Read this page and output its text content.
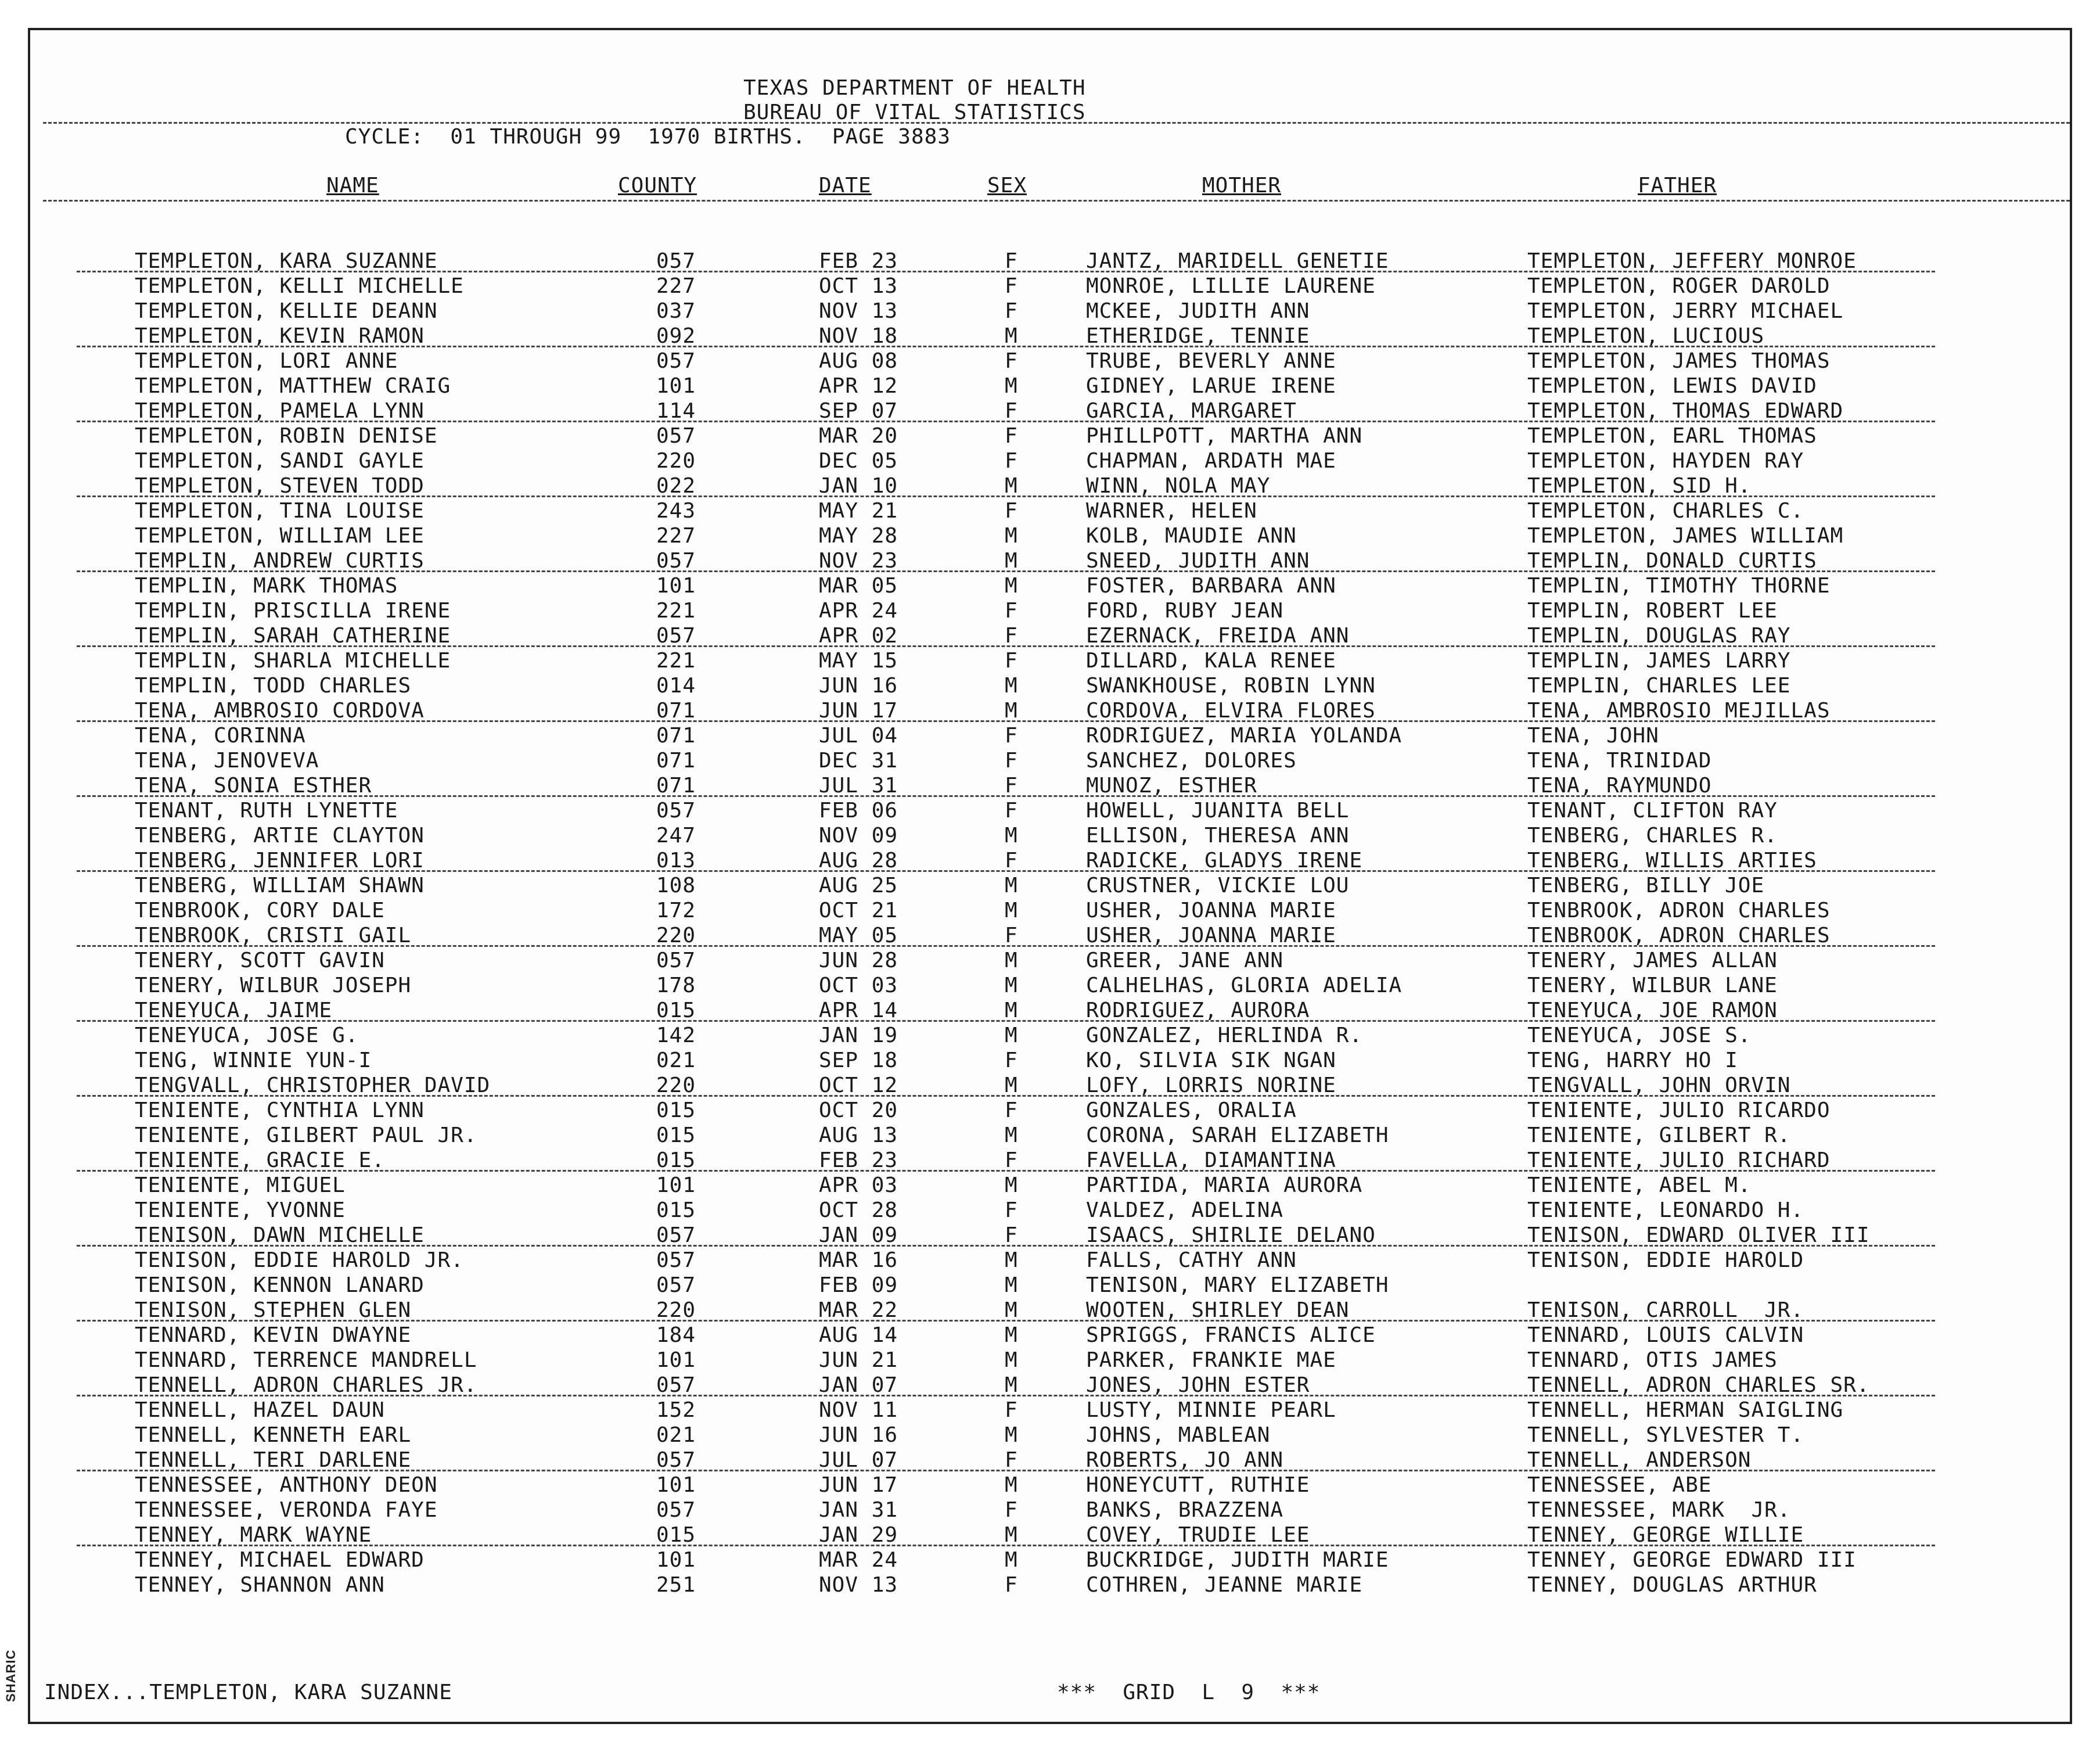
SHARIC
TEXAS DEPARTMENT OF HEALTH
BUREAU OF VITAL STATISTICS
CYCLE:  01 THROUGH 99  1970 BIRTHS.  PAGE 3883
NAME	COUNTY	DATE	SEX	MOTHER	FATHER
TEMPLETON, KARA SUZANNE	057	FEB 23	F	JANTZ, MARIDELL GENETIE	TEMPLETON, JEFFERY MONROE
TEMPLETON, KELLI MICHELLE	227	OCT 13	F	MONROE, LILLIE LAURENE	TEMPLETON, ROGER DAROLD
TEMPLETON, KELLIE DEANN	037	NOV 13	F	MCKEE, JUDITH ANN	TEMPLETON, JERRY MICHAEL
TEMPLETON, KEVIN RAMON	092	NOV 18	M	ETHERIDGE, TENNIE	TEMPLETON, LUCIOUS
TEMPLETON, LORI ANNE	057	AUG 08	F	TRUBE, BEVERLY ANNE	TEMPLETON, JAMES THOMAS
TEMPLETON, MATTHEW CRAIG	101	APR 12	M	GIDNEY, LARUE IRENE	TEMPLETON, LEWIS DAVID
TEMPLETON, PAMELA LYNN	114	SEP 07	F	GARCIA, MARGARET	TEMPLETON, THOMAS EDWARD
TEMPLETON, ROBIN DENISE	057	MAR 20	F	PHILLPOTT, MARTHA ANN	TEMPLETON, EARL THOMAS
TEMPLETON, SANDI GAYLE	220	DEC 05	F	CHAPMAN, ARDATH MAE	TEMPLETON, HAYDEN RAY
TEMPLETON, STEVEN TODD	022	JAN 10	M	WINN, NOLA MAY	TEMPLETON, SID H.
TEMPLETON, TINA LOUISE	243	MAY 21	F	WARNER, HELEN	TEMPLETON, CHARLES C.
TEMPLETON, WILLIAM LEE	227	MAY 28	M	KOLB, MAUDIE ANN	TEMPLETON, JAMES WILLIAM
TEMPLIN, ANDREW CURTIS	057	NOV 23	M	SNEED, JUDITH ANN	TEMPLIN, DONALD CURTIS
TEMPLIN, MARK THOMAS	101	MAR 05	M	FOSTER, BARBARA ANN	TEMPLIN, TIMOTHY THORNE
TEMPLIN, PRISCILLA IRENE	221	APR 24	F	FORD, RUBY JEAN	TEMPLIN, ROBERT LEE
TEMPLIN, SARAH CATHERINE	057	APR 02	F	EZERNACK, FREIDA ANN	TEMPLIN, DOUGLAS RAY
TEMPLIN, SHARLA MICHELLE	221	MAY 15	F	DILLARD, KALA RENEE	TEMPLIN, JAMES LARRY
TEMPLIN, TODD CHARLES	014	JUN 16	M	SWANKHOUSE, ROBIN LYNN	TEMPLIN, CHARLES LEE
TENA, AMBROSIO CORDOVA	071	JUN 17	M	CORDOVA, ELVIRA FLORES	TENA, AMBROSIO MEJILLAS
TENA, CORINNA	071	JUL 04	F	RODRIGUEZ, MARIA YOLANDA	TENA, JOHN
TENA, JENOVEVA	071	DEC 31	F	SANCHEZ, DOLORES	TENA, TRINIDAD
TENA, SONIA ESTHER	071	JUL 31	F	MUNOZ, ESTHER	TENA, RAYMUNDO
TENANT, RUTH LYNETTE	057	FEB 06	F	HOWELL, JUANITA BELL	TENANT, CLIFTON RAY
TENBERG, ARTIE CLAYTON	247	NOV 09	M	ELLISON, THERESA ANN	TENBERG, CHARLES R.
TENBERG, JENNIFER LORI	013	AUG 28	F	RADICKE, GLADYS IRENE	TENBERG, WILLIS ARTIES
TENBERG, WILLIAM SHAWN	108	AUG 25	M	CRUSTNER, VICKIE LOU	TENBERG, BILLY JOE
TENBROOK, CORY DALE	172	OCT 21	M	USHER, JOANNA MARIE	TENBROOK, ADRON CHARLES
TENBROOK, CRISTI GAIL	220	MAY 05	F	USHER, JOANNA MARIE	TENBROOK, ADRON CHARLES
TENERY, SCOTT GAVIN	057	JUN 28	M	GREER, JANE ANN	TENERY, JAMES ALLAN
TENERY, WILBUR JOSEPH	178	OCT 03	M	CALHELHAS, GLORIA ADELIA	TENERY, WILBUR LANE
TENEYUCA, JAIME	015	APR 14	M	RODRIGUEZ, AURORA	TENEYUCA, JOE RAMON
TENEYUCA, JOSE G.	142	JAN 19	M	GONZALEZ, HERLINDA R.	TENEYUCA, JOSE S.
TENG, WINNIE YUN-I	021	SEP 18	F	KO, SILVIA SIK NGAN	TENG, HARRY HO I
TENGVALL, CHRISTOPHER DAVID	220	OCT 12	M	LOFY, LORRIS NORINE	TENGVALL, JOHN ORVIN
TENIENTE, CYNTHIA LYNN	015	OCT 20	F	GONZALES, ORALIA	TENIENTE, JULIO RICARDO
TENIENTE, GILBERT PAUL JR.	015	AUG 13	M	CORONA, SARAH ELIZABETH	TENIENTE, GILBERT R.
TENIENTE, GRACIE E.	015	FEB 23	F	FAVELLA, DIAMANTINA	TENIENTE, JULIO RICHARD
TENIENTE, MIGUEL	101	APR 03	M	PARTIDA, MARIA AURORA	TENIENTE, ABEL M.
TENIENTE, YVONNE	015	OCT 28	F	VALDEZ, ADELINA	TENIENTE, LEONARDO H.
TENISON, DAWN MICHELLE	057	JAN 09	F	ISAACS, SHIRLIE DELANO	TENISON, EDWARD OLIVER III
TENISON, EDDIE HAROLD JR.	057	MAR 16	M	FALLS, CATHY ANN	TENISON, EDDIE HAROLD
TENISON, KENNON LANARD	057	FEB 09	M	TENISON, MARY ELIZABETH
TENISON, STEPHEN GLEN	220	MAR 22	M	WOOTEN, SHIRLEY DEAN	TENISON, CARROLL  JR.
TENNARD, KEVIN DWAYNE	184	AUG 14	M	SPRIGGS, FRANCIS ALICE	TENNARD, LOUIS CALVIN
TENNARD, TERRENCE MANDRELL	101	JUN 21	M	PARKER, FRANKIE MAE	TENNARD, OTIS JAMES
TENNELL, ADRON CHARLES JR.	057	JAN 07	M	JONES, JOHN ESTER	TENNELL, ADRON CHARLES SR.
TENNELL, HAZEL DAUN	152	NOV 11	F	LUSTY, MINNIE PEARL	TENNELL, HERMAN SAIGLING
TENNELL, KENNETH EARL	021	JUN 16	M	JOHNS, MABLEAN	TENNELL, SYLVESTER T.
TENNELL, TERI DARLENE	057	JUL 07	F	ROBERTS, JO ANN	TENNELL, ANDERSON
TENNESSEE, ANTHONY DEON	101	JUN 17	M	HONEYCUTT, RUTHIE	TENNESSEE, ABE
TENNESSEE, VERONDA FAYE	057	JAN 31	F	BANKS, BRAZZENA	TENNESSEE, MARK  JR.
TENNEY, MARK WAYNE	015	JAN 29	M	COVEY, TRUDIE LEE	TENNEY, GEORGE WILLIE
TENNEY, MICHAEL EDWARD	101	MAR 24	M	BUCKRIDGE, JUDITH MARIE	TENNEY, GEORGE EDWARD III
TENNEY, SHANNON ANN	251	NOV 13	F	COTHREN, JEANNE MARIE	TENNEY, DOUGLAS ARTHUR
INDEX...TEMPLETON, KARA SUZANNE	***  GRID  L  9  ***
